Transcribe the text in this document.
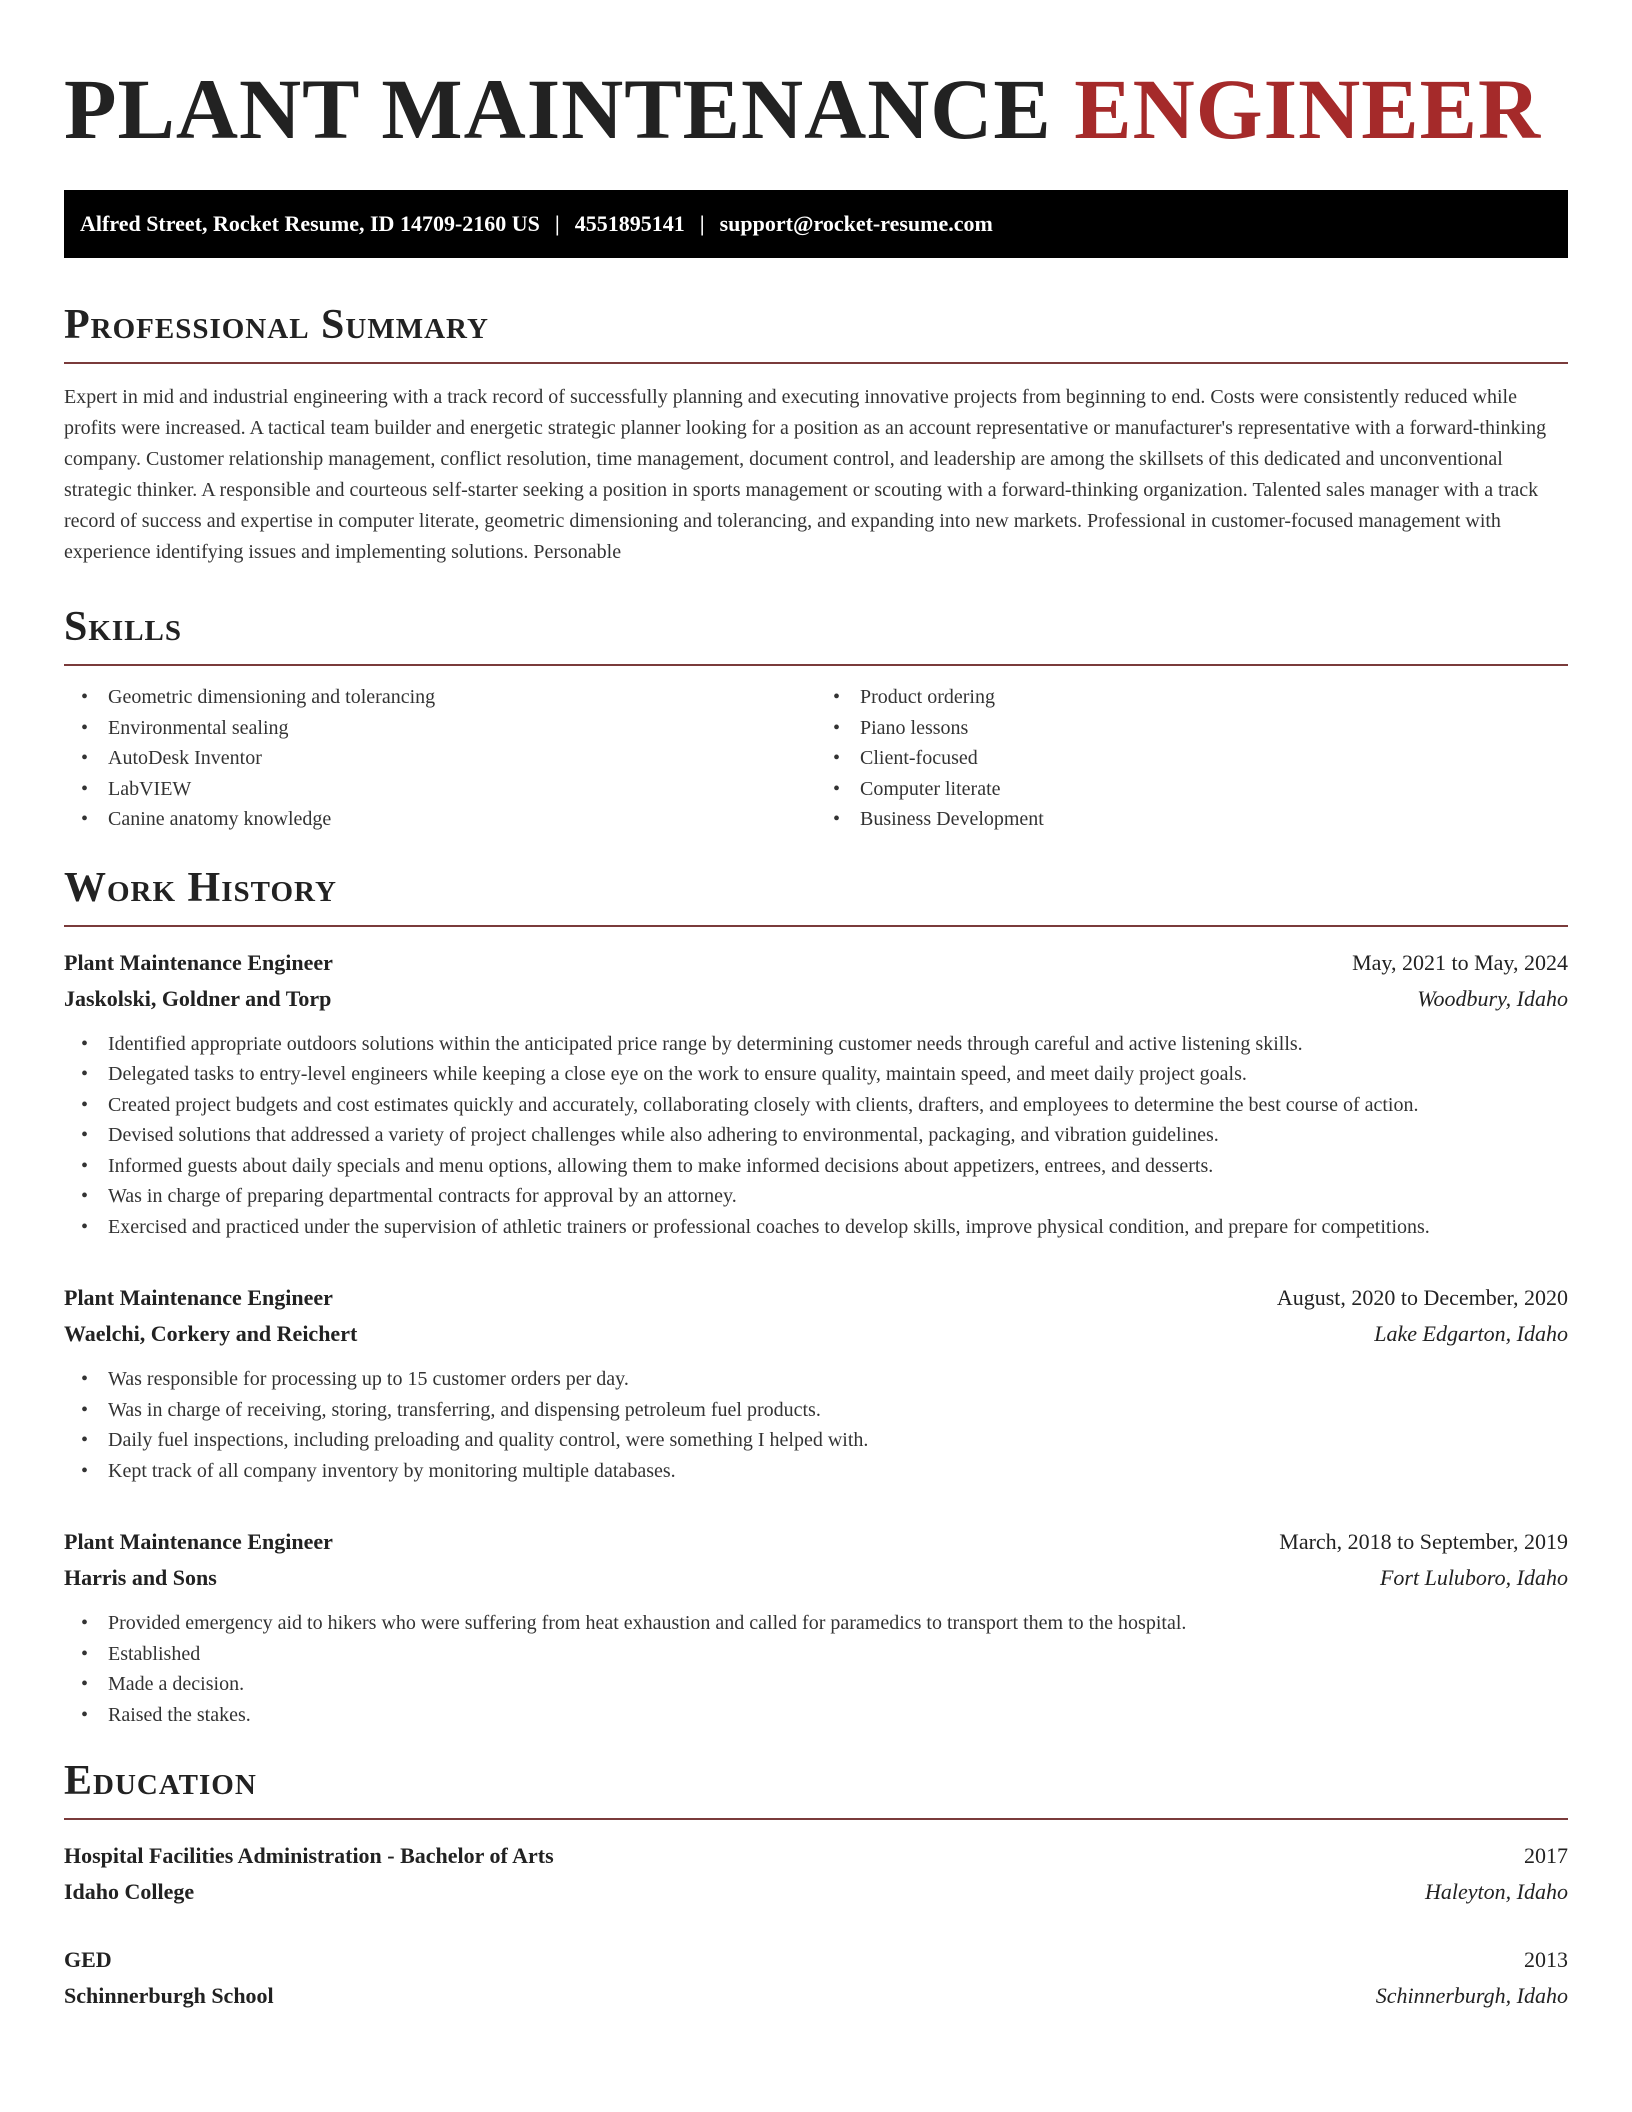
PLANT MAINTENANCE ENGINEER
Alfred Street, Rocket Resume, ID 14709-2160 US | 4551895141 | support@rocket-resume.com
Professional Summary

Expert in mid and industrial engineering with a track record of successfully planning and executing innovative projects from beginning to end. Costs were consistently reduced while profits were increased. A tactical team builder and energetic strategic planner looking for a position as an account representative or manufacturer's representative with a forward-thinking company. Customer relationship management, conflict resolution, time management, document control, and leadership are among the skillsets of this dedicated and unconventional strategic thinker. A responsible and courteous self-starter seeking a position in sports management or scouting with a forward-thinking organization. Talented sales manager with a track record of success and expertise in computer literate, geometric dimensioning and tolerancing, and expanding into new markets. Professional in customer-focused management with experience identifying issues and implementing solutions. Personable

Skills
• Geometric dimensioning and tolerancing
• Environmental sealing
• AutoDesk Inventor
• LabVIEW
• Canine anatomy knowledge
• Product ordering
• Piano lessons
• Client-focused
• Computer literate
• Business Development
Work History
Plant Maintenance Engineer	May, 2021 to May, 2024
Jaskolski, Goldner and Torp	Woodbury, Idaho
• Identified appropriate outdoors solutions within the anticipated price range by determining customer needs through careful and active listening skills.
• Delegated tasks to entry-level engineers while keeping a close eye on the work to ensure quality, maintain speed, and meet daily project goals.
• Created project budgets and cost estimates quickly and accurately, collaborating closely with clients, drafters, and employees to determine the best course of action.
• Devised solutions that addressed a variety of project challenges while also adhering to environmental, packaging, and vibration guidelines.
• Informed guests about daily specials and menu options, allowing them to make informed decisions about appetizers, entrees, and desserts.
• Was in charge of preparing departmental contracts for approval by an attorney.
• Exercised and practiced under the supervision of athletic trainers or professional coaches to develop skills, improve physical condition, and prepare for competitions.
Plant Maintenance Engineer	August, 2020 to December, 2020
Waelchi, Corkery and Reichert	Lake Edgarton, Idaho
• Was responsible for processing up to 15 customer orders per day.
• Was in charge of receiving, storing, transferring, and dispensing petroleum fuel products.
• Daily fuel inspections, including preloading and quality control, were something I helped with.
• Kept track of all company inventory by monitoring multiple databases.
Plant Maintenance Engineer	March, 2018 to September, 2019
Harris and Sons	Fort Luluboro, Idaho
• Provided emergency aid to hikers who were suffering from heat exhaustion and called for paramedics to transport them to the hospital.
• Established
• Made a decision.
• Raised the stakes.
Education
Hospital Facilities Administration - Bachelor of Arts	2017
Idaho College	Haleyton, Idaho
GED	2013
Schinnerburgh School	Schinnerburgh, Idaho
